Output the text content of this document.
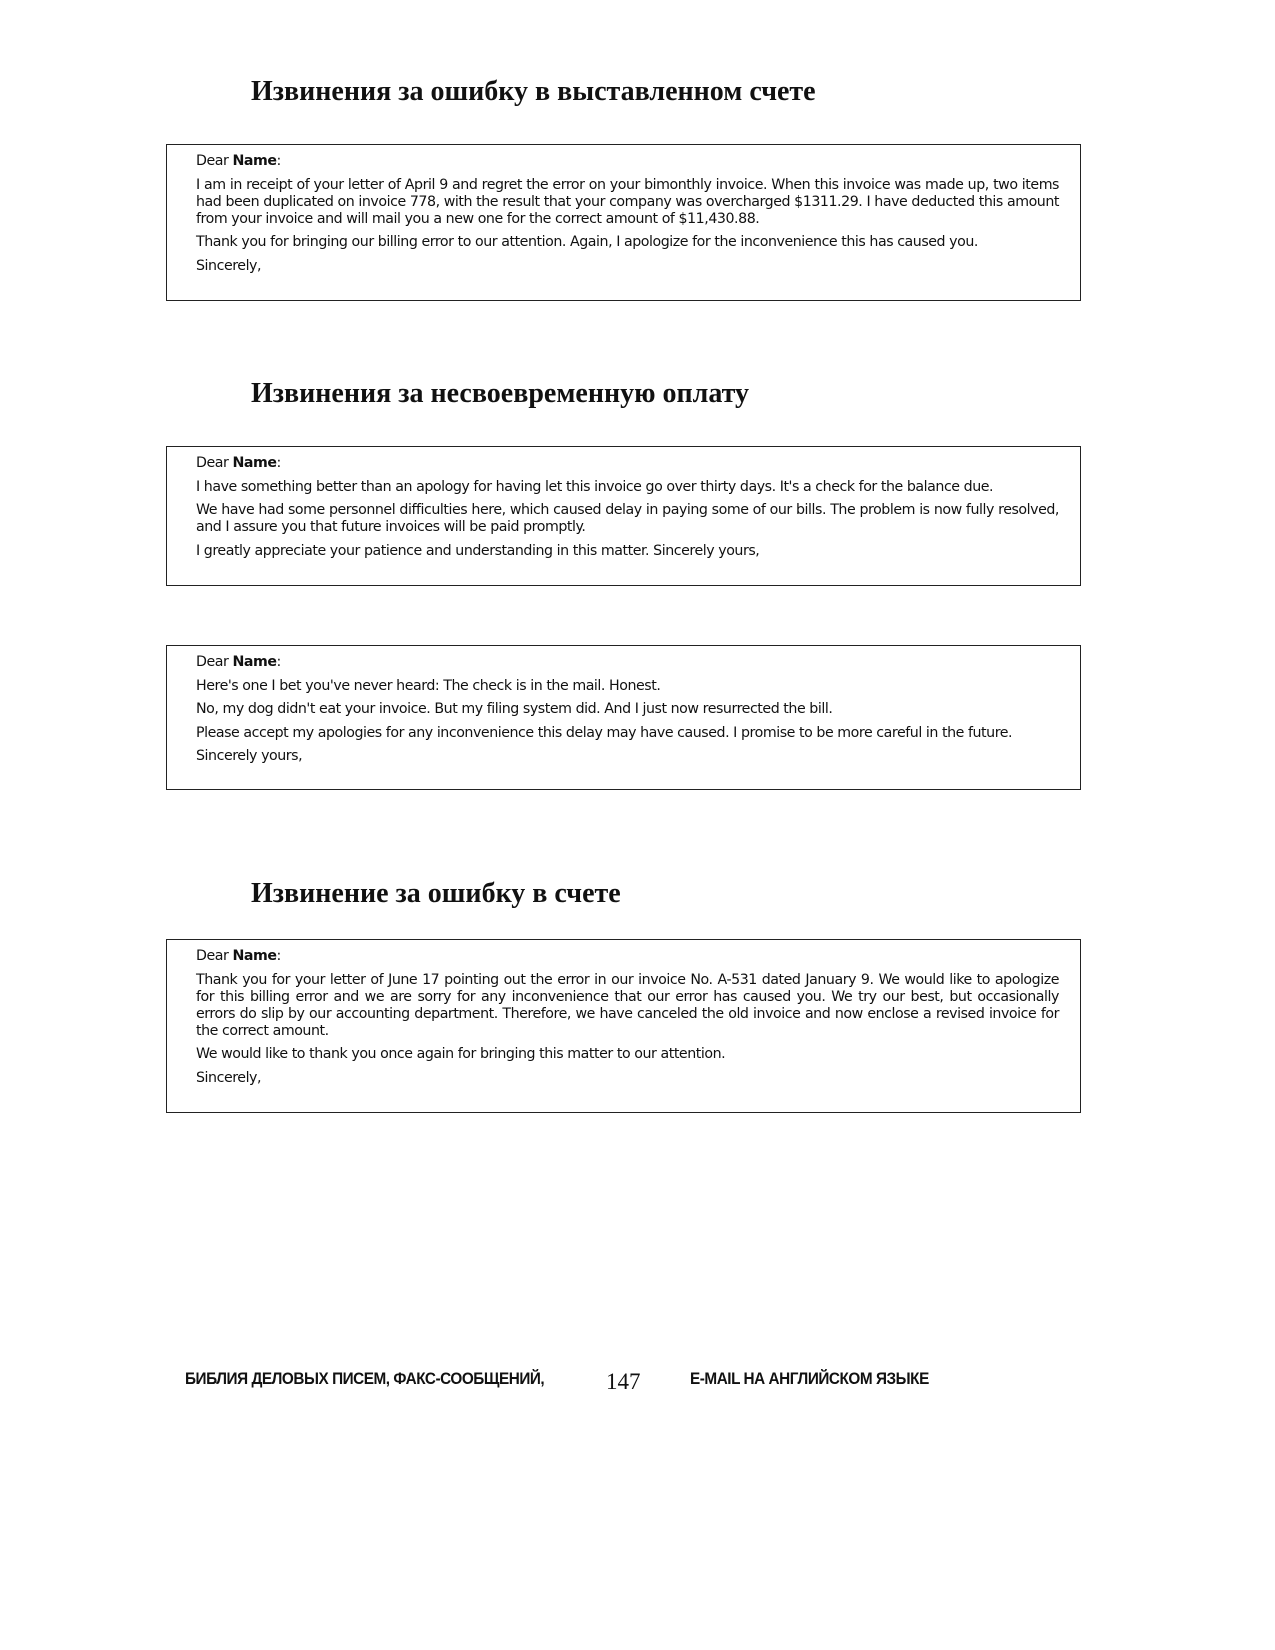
Извинения за ошибку в выставленном счете

Dear Name:

I am in receipt of your letter of April 9 and regret the error on your bimonthly invoice. When this invoice was made up, two items had been duplicated on invoice 778, with the result that your company was overcharged $1311.29. I have deducted this amount from your invoice and will mail you a new one for the correct amount of $11,430.88.

Thank you for bringing our billing error to our attention. Again, I apologize for the inconvenience this has caused you.

Sincerely,

Извинения за несвоевременную оплату

Dear Name:

I have something better than an apology for having let this invoice go over thirty days. It's a check for the balance due.

We have had some personnel difficulties here, which caused delay in paying some of our bills. The problem is now fully resolved, and I assure you that future invoices will be paid promptly.

I greatly appreciate your patience and understanding in this matter. Sincerely yours,

Dear Name:

Here's one I bet you've never heard: The check is in the mail. Honest.

No, my dog didn't eat your invoice. But my filing system did. And I just now resurrected the bill.

Please accept my apologies for any inconvenience this delay may have caused. I promise to be more careful in the future.

Sincerely yours,

Извинение за ошибку в счете

Dear Name:

Thank you for your letter of June 17 pointing out the error in our invoice No. A-531 dated January 9. We would like to apologize for this billing error and we are sorry for any inconvenience that our error has caused you. We try our best, but occasionally errors do slip by our accounting department. Therefore, we have canceled the old invoice and now enclose a revised invoice for the correct amount.

We would like to thank you once again for bringing this matter to our attention.

Sincerely,

БИБЛИЯ ДЕЛОВЫХ ПИСЕМ, ФАКС-СООБЩЕНИЙ,	147	E-MAIL НА АНГЛИЙСКОМ ЯЗЫКЕ
